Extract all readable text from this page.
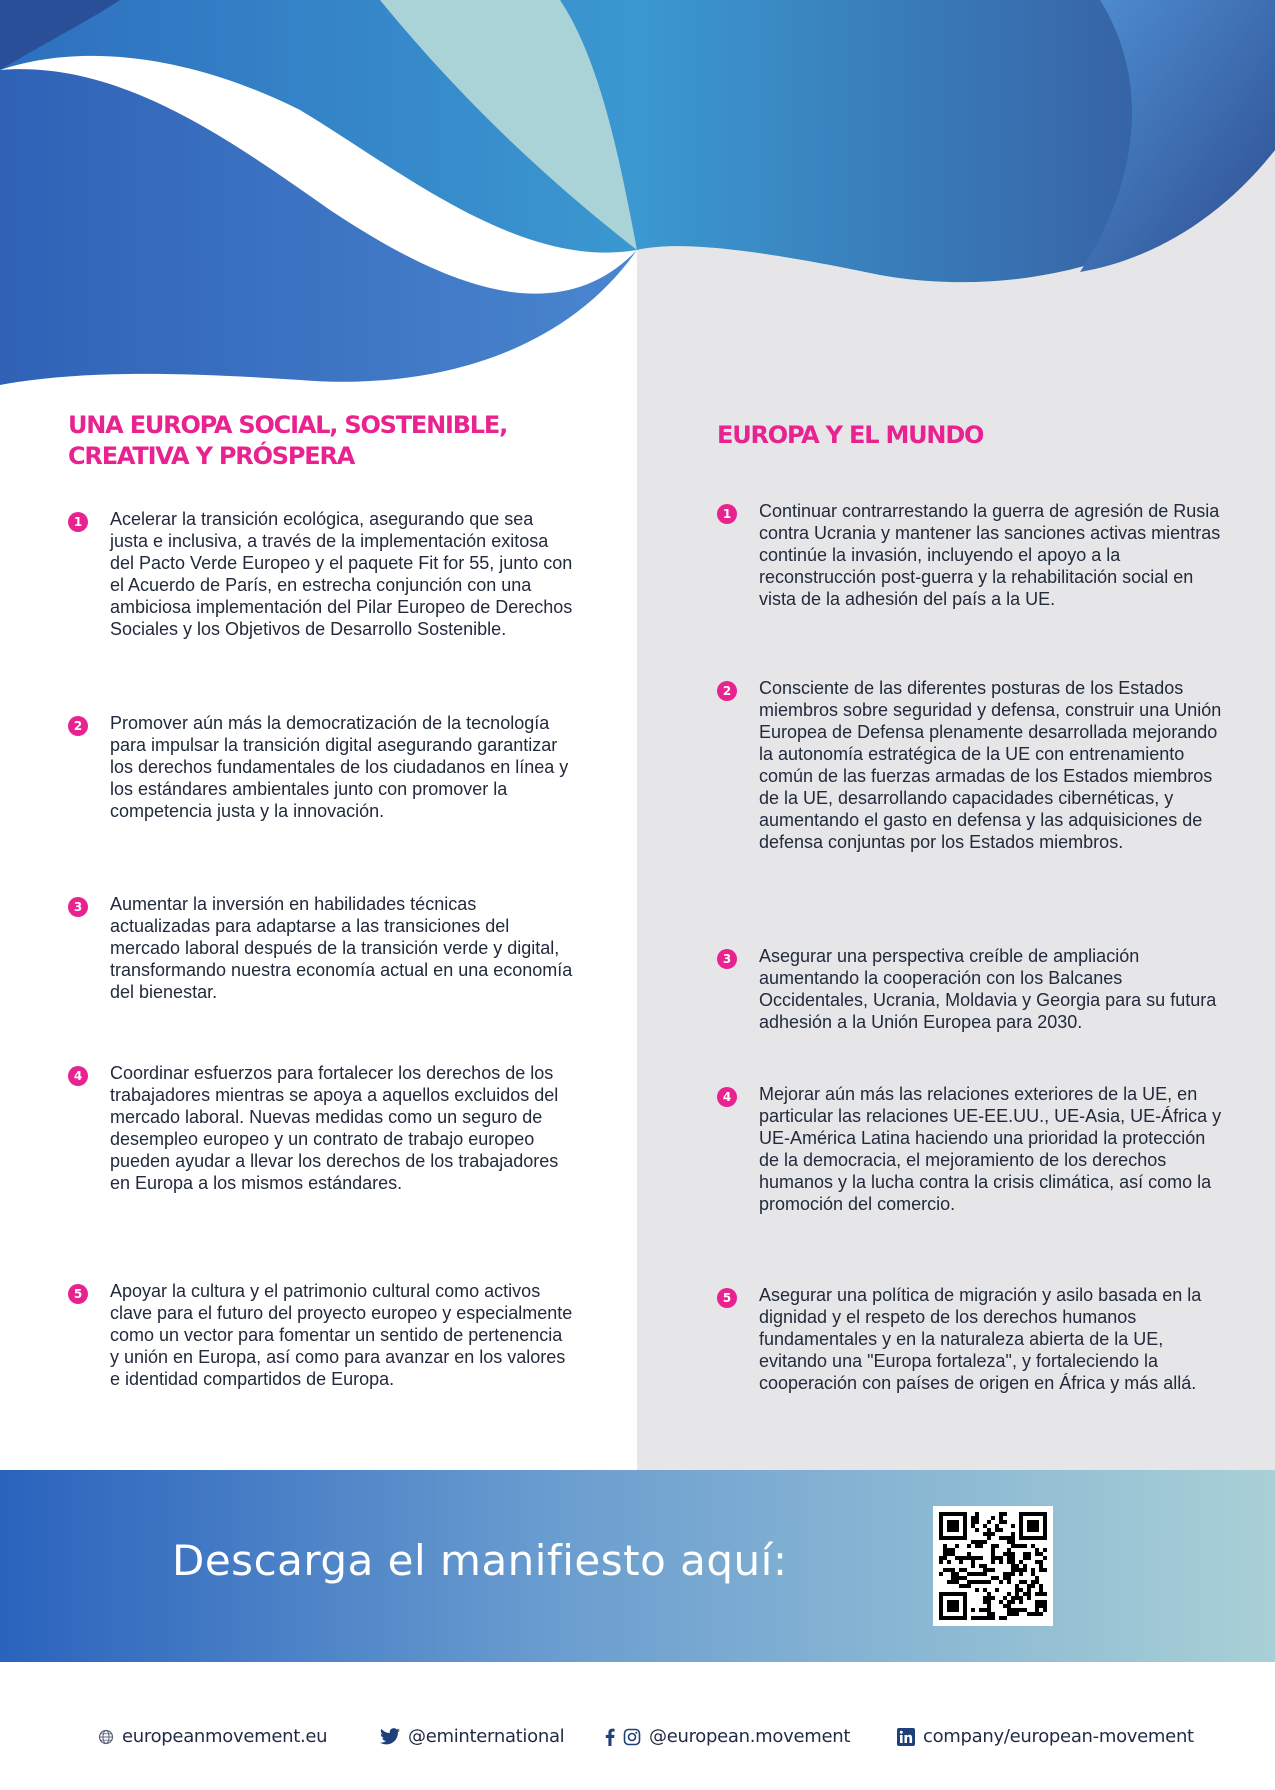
UNA EUROPA SOCIAL, SOSTENIBLE, CREATIVA Y PRÓSPERA
1	Acelerar la transición ecológica, asegurando que sea justa e inclusiva, a través de la implementación exitosa del Pacto Verde Europeo y el paquete Fit for 55, junto con el Acuerdo de París, en estrecha conjunción con una ambiciosa implementación del Pilar Europeo de Derechos Sociales y los Objetivos de Desarrollo Sostenible.

2	Promover aún más la democratización de la tecnología para impulsar la transición digital asegurando garantizar los derechos fundamentales de los ciudadanos en línea y los estándares ambientales junto con promover la competencia justa y la innovación.

3	Aumentar la inversión en habilidades técnicas actualizadas para adaptarse a las transiciones del mercado laboral después de la transición verde y digital, transformando nuestra economía actual en una economía del bienestar.

4	Coordinar esfuerzos para fortalecer los derechos de los trabajadores mientras se apoya a aquellos excluidos del mercado laboral. Nuevas medidas como un seguro de desempleo europeo y un contrato de trabajo europeo pueden ayudar a llevar los derechos de los trabajadores en Europa a los mismos estándares.

5	Apoyar la cultura y el patrimonio cultural como activos clave para el futuro del proyecto europeo y especialmente como un vector para fomentar un sentido de pertenencia y unión en Europa, así como para avanzar en los valores e identidad compartidos de Europa.

EUROPA Y EL MUNDO
1	Continuar contrarrestando la guerra de agresión de Rusia contra Ucrania y mantener las sanciones activas mientras continúe la invasión, incluyendo el apoyo a la reconstrucción post-guerra y la rehabilitación social en vista de la adhesión del país a la UE.

2	Consciente de las diferentes posturas de los Estados miembros sobre seguridad y defensa, construir una Unión Europea de Defensa plenamente desarrollada mejorando la autonomía estratégica de la UE con entrenamiento común de las fuerzas armadas de los Estados miembros de la UE, desarrollando capacidades cibernéticas, y aumentando el gasto en defensa y las adquisiciones de defensa conjuntas por los Estados miembros.

3	Asegurar una perspectiva creíble de ampliación aumentando la cooperación con los Balcanes Occidentales, Ucrania, Moldavia y Georgia para su futura adhesión a la Unión Europea para 2030.

4	Mejorar aún más las relaciones exteriores de la UE, en particular las relaciones UE-EE.UU., UE-Asia, UE-África y UE-América Latina haciendo una prioridad la protección de la democracia, el mejoramiento de los derechos humanos y la lucha contra la crisis climática, así como la promoción del comercio.

5	Asegurar una política de migración y asilo basada en la dignidad y el respeto de los derechos humanos fundamentales y en la naturaleza abierta de la UE, evitando una "Europa fortaleza", y fortaleciendo la cooperación con países de origen en África y más allá.

Descarga el manifiesto aquí:
europeanmovement.eu	@eminternational	@european.movement	company/european-movement
